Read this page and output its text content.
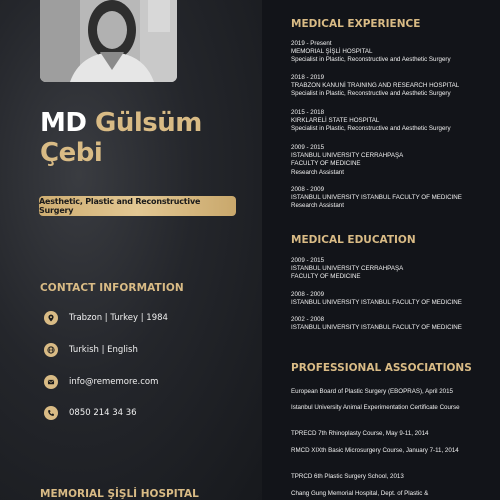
MD Gülsüm
Çebi
Aesthetic, Plastic and Reconstructive Surgery
CONTACT INFORMATION
Trabzon | Turkey | 1984
Turkish | English
info@rememore.com
0850 214 34 36
MEMORIAL ŞİŞLİ HOSPITAL
MEDICAL EXPERIENCE
2019 - Present
MEMORIAL ŞİŞLİ HOSPITAL
Specialist in Plastic, Reconstructive and Aesthetic Surgery
2018 - 2019
TRABZON KANUNİ TRAINING AND RESEARCH HOSPITAL
Specialist in Plastic, Reconstructive and Aesthetic Surgery
2015 - 2018
KIRKLARELİ STATE HOSPITAL
Specialist in Plastic, Reconstructive and Aesthetic Surgery
2009 - 2015
ISTANBUL UNIVERSITY CERRAHPAŞA
FACULTY OF MEDICINE
Research Assistant
2008 - 2009
ISTANBUL UNIVERSITY ISTANBUL FACULTY OF MEDICINE
Research Assistant
MEDICAL EDUCATION
2009 - 2015
ISTANBUL UNIVERSITY CERRAHPAŞA
FACULTY OF MEDICINE
2008 - 2009
ISTANBUL UNIVERSITY ISTANBUL FACULTY OF MEDICINE
2002 - 2008
ISTANBUL UNIVERSITY ISTANBUL FACULTY OF MEDICINE
PROFESSIONAL ASSOCIATIONS
European Board of Plastic Surgery (EBOPRAS), April 2015
Istanbul University Animal Experimentation Certificate Course
TPRECD 7th Rhinoplasty Course, May 9-11, 2014
RMCD XIXth Basic Microsurgery Course, January 7-11, 2014
TPRCD 6th Plastic Surgery School, 2013
Chang Gung Memorial Hospital, Dept. of Plastic &
